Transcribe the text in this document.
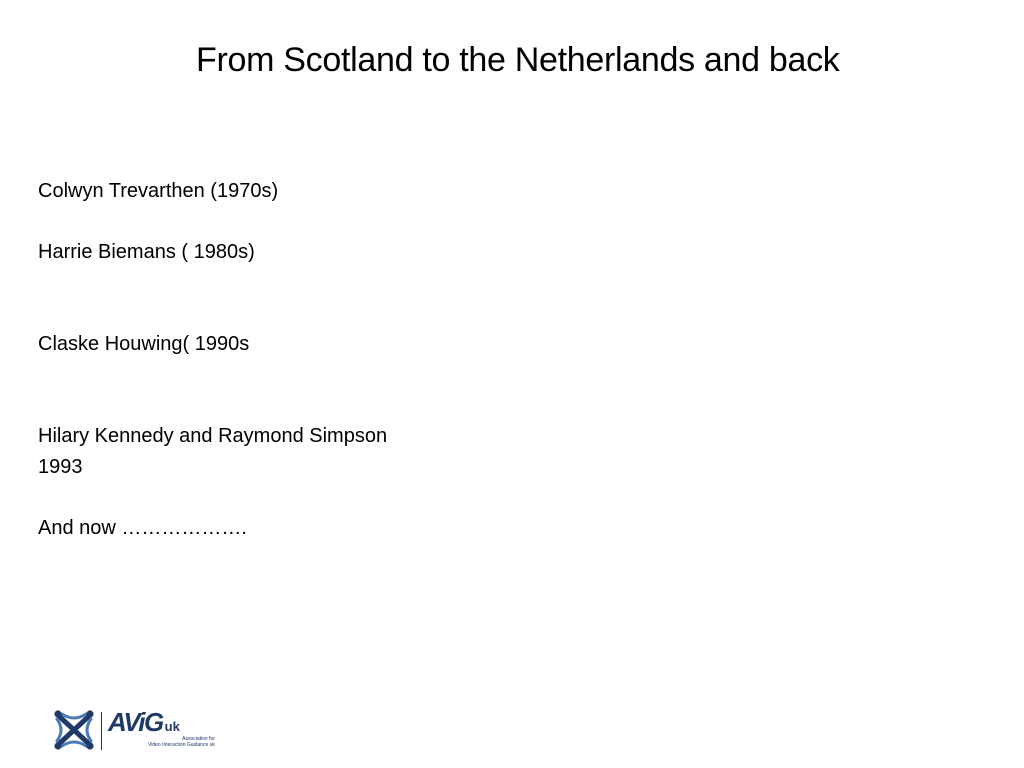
From Scotland to the Netherlands and back
Colwyn Trevarthen (1970s)
Harrie Biemans ( 1980s)
Claske Houwing( 1990s
Hilary Kennedy and Raymond Simpson
1993
And now ……………….
AViG uk
Association for
Video Interaction Guidance uk
